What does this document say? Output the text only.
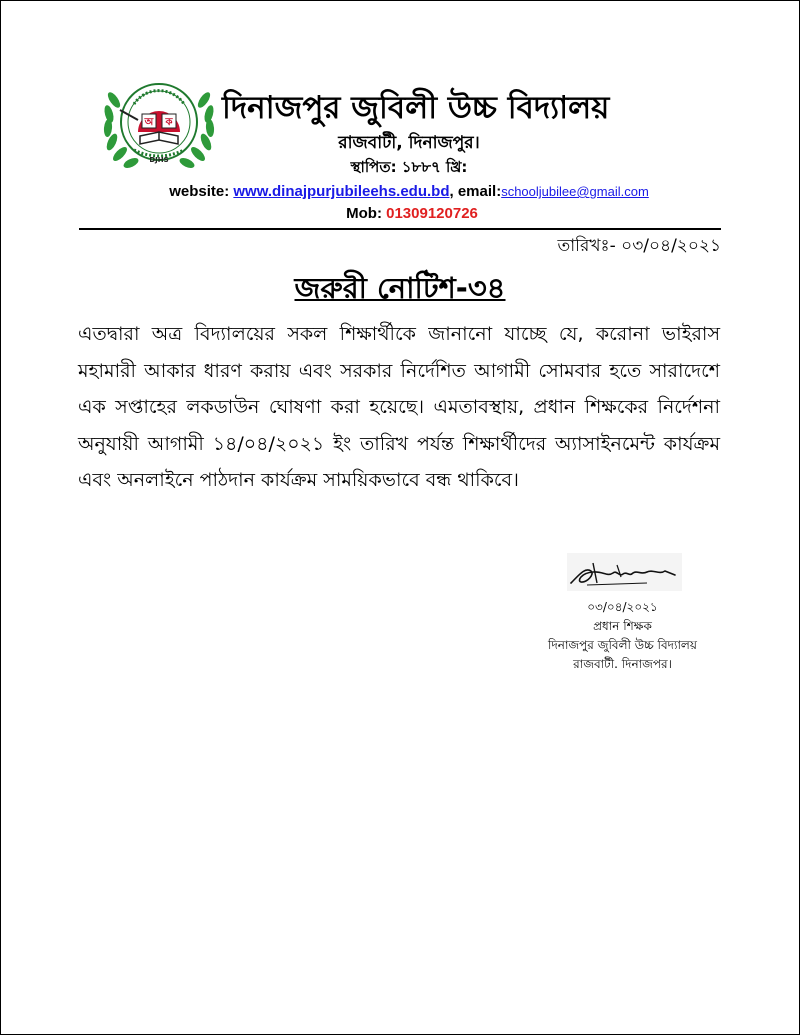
অ ক
DJHS
দিনাজপুর জুবিলী উচ্চ বিদ্যালয়
রাজবাটী, দিনাজপুর।
স্থাপিত: ১৮৮৭ খ্রি:
website: www.dinajpurjubileehs.edu.bd, email:schooljubilee@gmail.com
Mob: 01309120726
তারিখঃ- ০৩/০৪/২০২১
জরুরী নোটিশ-৩৪
এতদ্বারা অত্র বিদ্যালয়ের সকল শিক্ষার্থীকে জানানো যাচ্ছে যে, করোনা ভাইরাস মহামারী আকার ধারণ করায় এবং সরকার নির্দেশিত আগামী সোমবার হতে সারাদেশে এক সপ্তাহের লকডাউন ঘোষণা করা হয়েছে। এমতাবস্থায়, প্রধান শিক্ষকের নির্দেশনা অনুযায়ী আগামী ১৪/০৪/২০২১ ইং তারিখ পর্যন্ত শিক্ষার্থীদের অ্যাসাইনমেন্ট কার্যক্রম এবং অনলাইনে পাঠদান কার্যক্রম সাময়িকভাবে বন্ধ থাকিবে।
০৩/০৪/২০২১
প্রধান শিক্ষক
দিনাজপুর জুবিলী উচ্চ বিদ্যালয়
রাজবাটী. দিনাজপর।
